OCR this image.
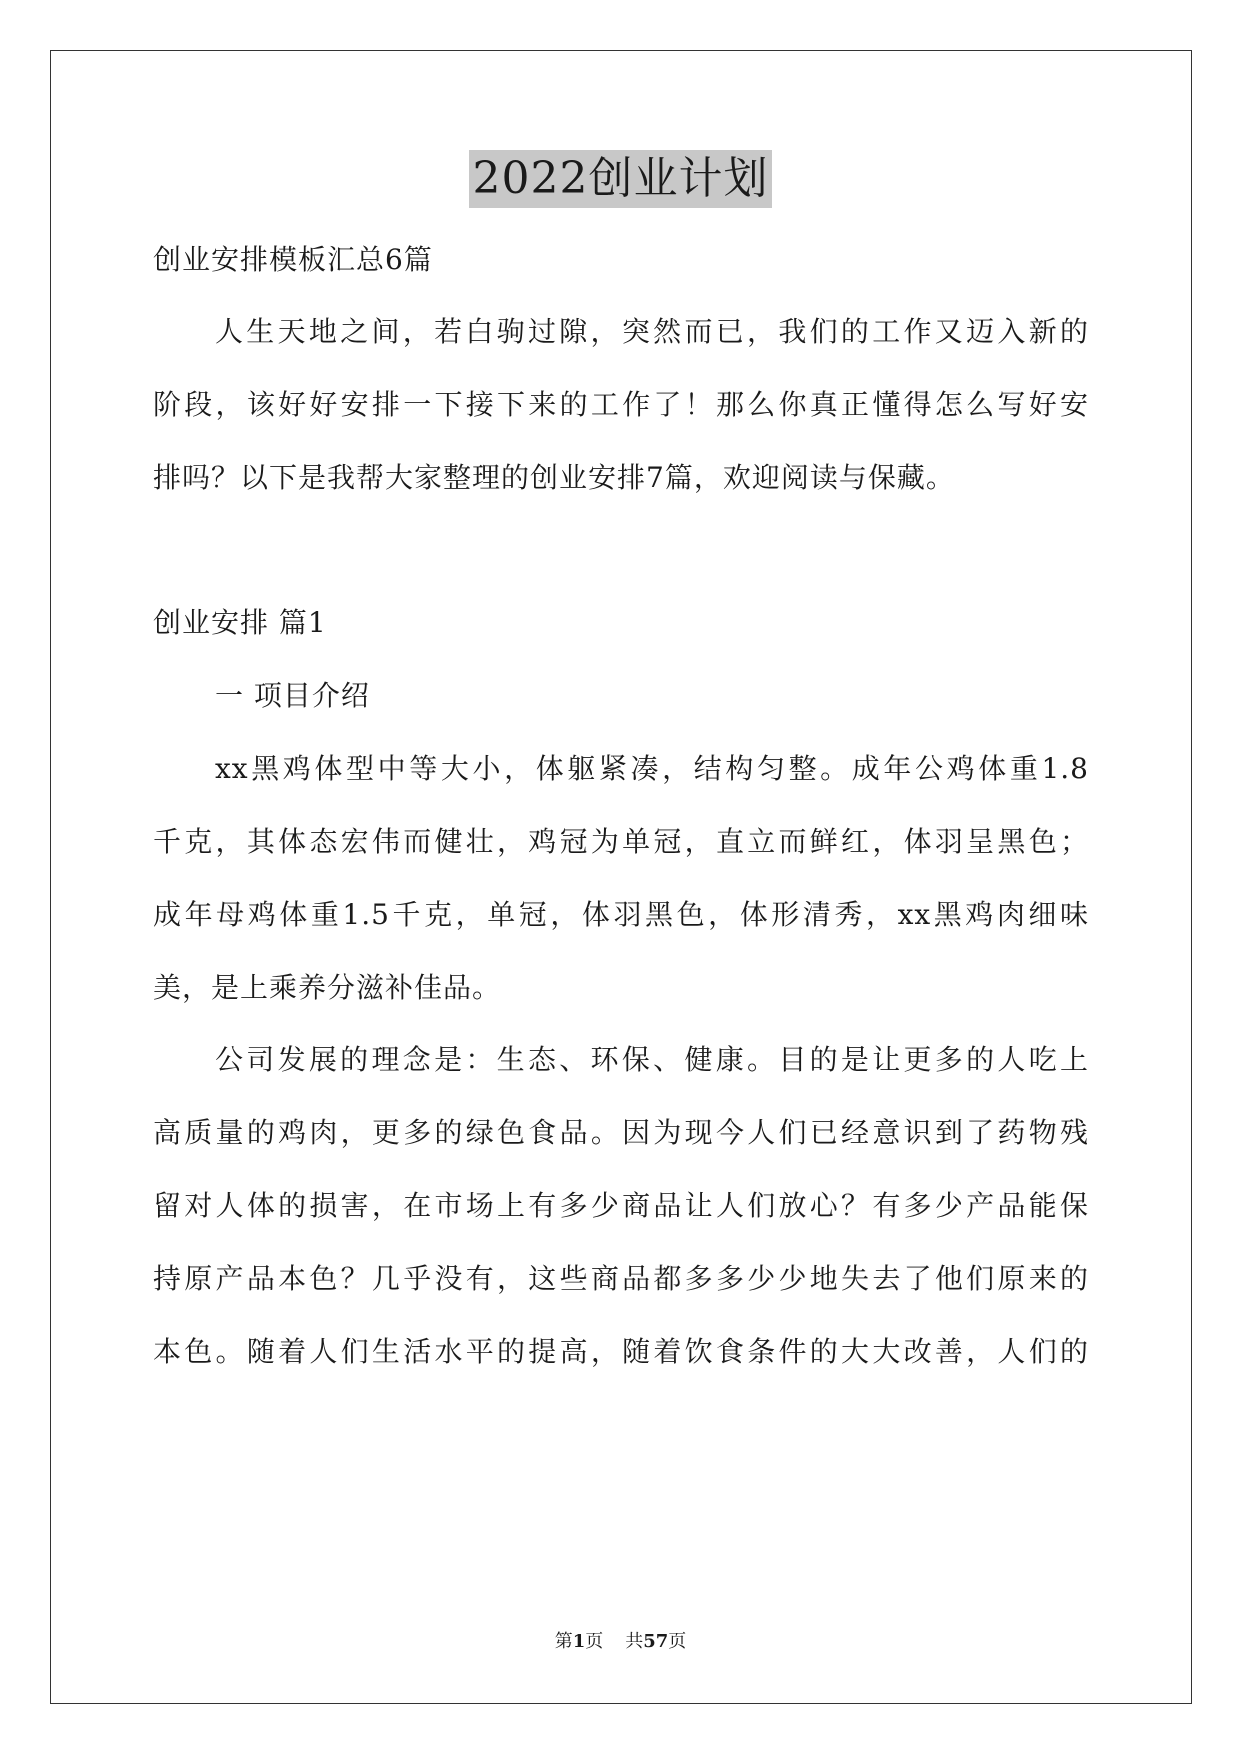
2022创业计划
创业安排模板汇总6篇
人生天地之间，若白驹过隙，突然而已，我们的工作又迈入新的
阶段，该好好安排一下接下来的工作了！那么你真正懂得怎么写好安
排吗？以下是我帮大家整理的创业安排7篇，欢迎阅读与保藏。
创业安排 篇1
一 项目介绍
xx黑鸡体型中等大小，体躯紧凑，结构匀整。成年公鸡体重1.8
千克，其体态宏伟而健壮，鸡冠为单冠，直立而鲜红，体羽呈黑色；
成年母鸡体重1.5千克，单冠，体羽黑色，体形清秀，xx黑鸡肉细味
美，是上乘养分滋补佳品。
公司发展的理念是：生态、环保、健康。目的是让更多的人吃上
高质量的鸡肉，更多的绿色食品。因为现今人们已经意识到了药物残
留对人体的损害，在市场上有多少商品让人们放心？有多少产品能保
持原产品本色？几乎没有，这些商品都多多少少地失去了他们原来的
本色。随着人们生活水平的提高，随着饮食条件的大大改善，人们的
第1页 共57页
